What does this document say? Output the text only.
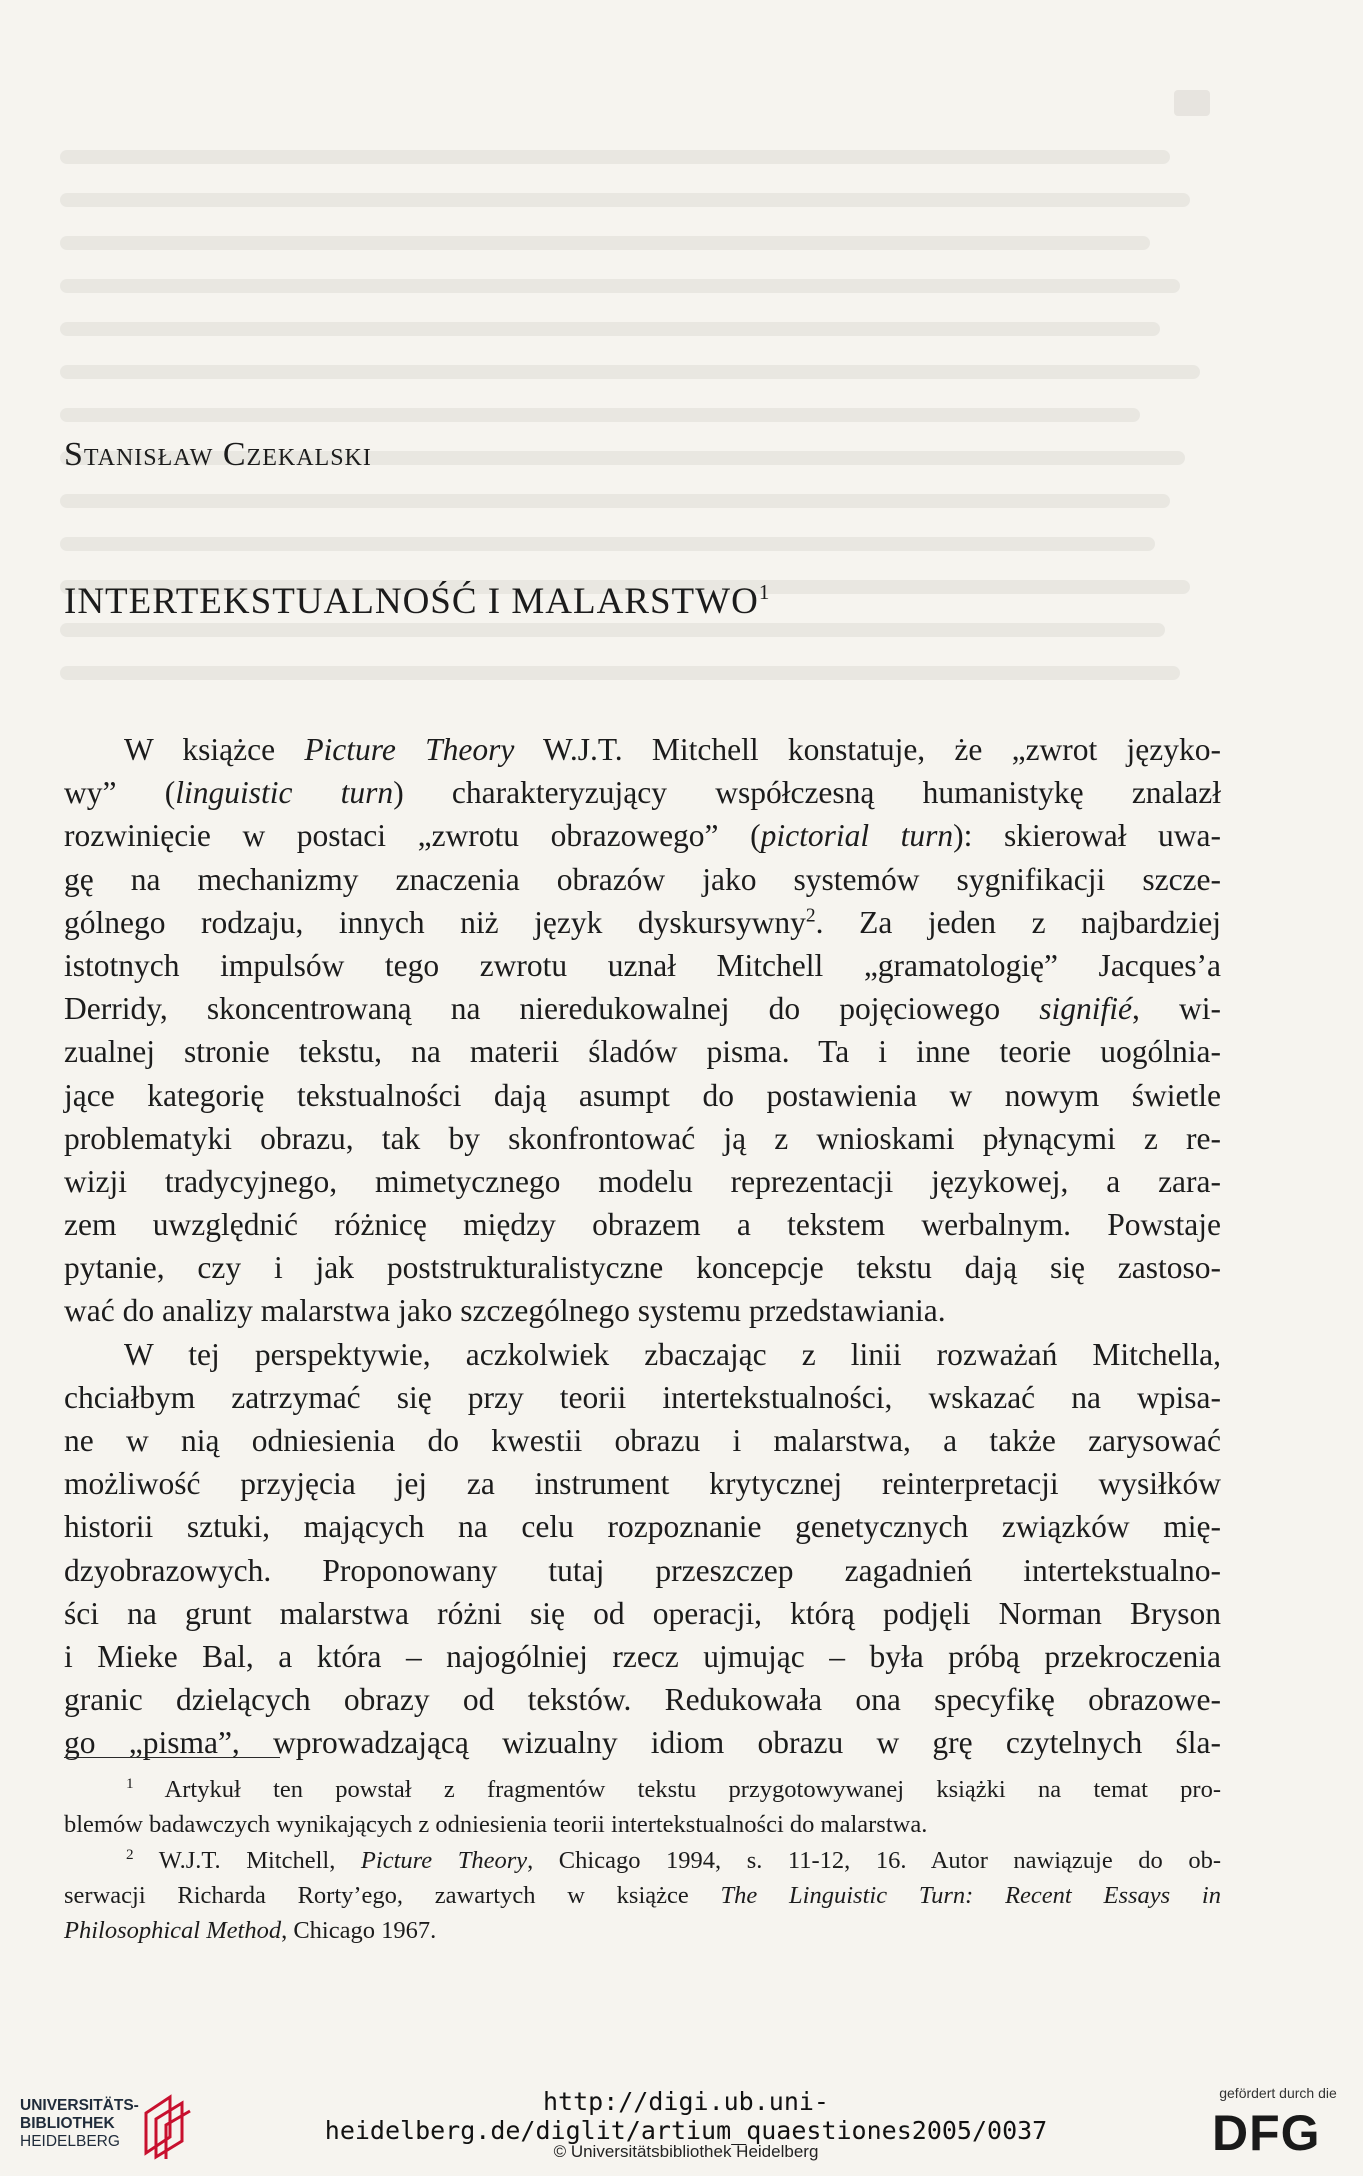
Stanisław Czekalski
INTERTEKSTUALNOŚĆ I MALARSTWO$^1$
W książce Picture Theory W.J.T. Mitchell konstatuje, że „zwrot języko-
wy” (linguistic turn) charakteryzujący współczesną humanistykę znalazł
rozwinięcie w postaci „zwrotu obrazowego” (pictorial turn): skierował uwa-
gę na mechanizmy znaczenia obrazów jako systemów sygnifikacji szcze-
gólnego rodzaju, innych niż język dyskursywny$^2$. Za jeden z najbardziej
istotnych impulsów tego zwrotu uznał Mitchell „gramatologię” Jacques’a
Derridy, skoncentrowaną na nieredukowalnej do pojęciowego signifié, wi-
zualnej stronie tekstu, na materii śladów pisma. Ta i inne teorie uogólnia-
jące kategorię tekstualności dają asumpt do postawienia w nowym świetle
problematyki obrazu, tak by skonfrontować ją z wnioskami płynącymi z re-
wizji tradycyjnego, mimetycznego modelu reprezentacji językowej, a zara-
zem uwzględnić różnicę między obrazem a tekstem werbalnym. Powstaje
pytanie, czy i jak poststrukturalistyczne koncepcje tekstu dają się zastoso-
wać do analizy malarstwa jako szczególnego systemu przedstawiania.
W tej perspektywie, aczkolwiek zbaczając z linii rozważań Mitchella,
chciałbym zatrzymać się przy teorii intertekstualności, wskazać na wpisa-
ne w nią odniesienia do kwestii obrazu i malarstwa, a także zarysować
możliwość przyjęcia jej za instrument krytycznej reinterpretacji wysiłków
historii sztuki, mających na celu rozpoznanie genetycznych związków mię-
dzyobrazowych. Proponowany tutaj przeszczep zagadnień intertekstualno-
ści na grunt malarstwa różni się od operacji, którą podjęli Norman Bryson
i Mieke Bal, a która – najogólniej rzecz ujmując – była próbą przekroczenia
granic dzielących obrazy od tekstów. Redukowała ona specyfikę obrazowe-
go „pisma”, wprowadzającą wizualny idiom obrazu w grę czytelnych śla-
$^1$ Artykuł ten powstał z fragmentów tekstu przygotowywanej książki na temat pro-
blemów badawczych wynikających z odniesienia teorii intertekstualności do malarstwa.
$^2$ W.J.T. Mitchell, Picture Theory, Chicago 1994, s. 11-12, 16. Autor nawiązuje do ob-
serwacji Richarda Rorty’ego, zawartych w książce The Linguistic Turn: Recent Essays in
Philosophical Method, Chicago 1967.
UNIVERSITÄTS-
BIBLIOTHEK
HEIDELBERG
http://digi.ub.uni-heidelberg.de/diglit/artium_quaestiones2005/0037
© Universitätsbibliothek Heidelberg
gefördert durch die
DFG
